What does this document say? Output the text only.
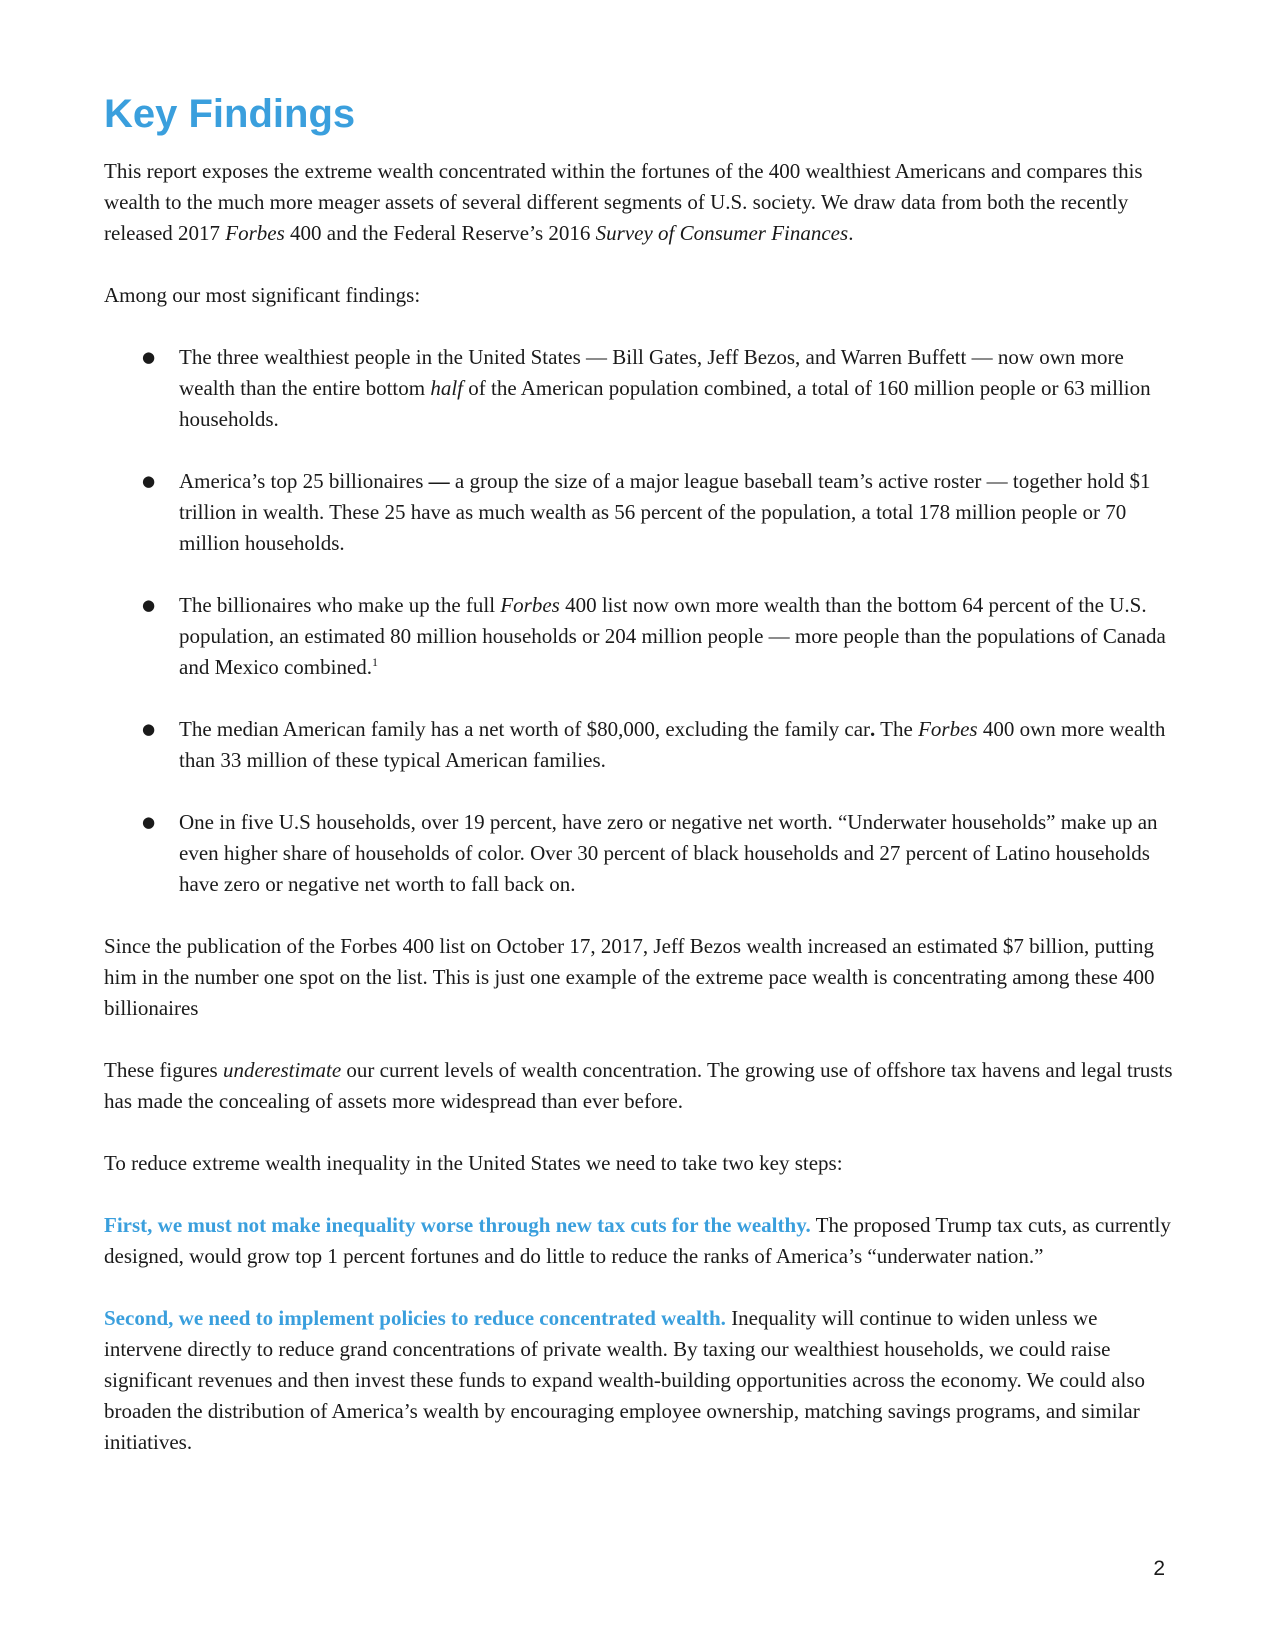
Key Findings

This report exposes the extreme wealth concentrated within the fortunes of the 400 wealthiest Americans and compares this wealth to the much more meager assets of several different segments of U.S. society. We draw data from both the recently released 2017 Forbes 400 and the Federal Reserve’s 2016 Survey of Consumer Finances.

Among our most significant findings:

● The three wealthiest people in the United States — Bill Gates, Jeff Bezos, and Warren Buffett — now own more wealth than the entire bottom half of the American population combined, a total of 160 million people or 63 million households.
● America’s top 25 billionaires — a group the size of a major league baseball team’s active roster — together hold $1 trillion in wealth. These 25 have as much wealth as 56 percent of the population, a total 178 million people or 70 million households.
● The billionaires who make up the full Forbes 400 list now own more wealth than the bottom 64 percent of the U.S. population, an estimated 80 million households or 204 million people — more people than the populations of Canada and Mexico combined.$^1$
● The median American family has a net worth of $80,000, excluding the family car. The Forbes 400 own more wealth than 33 million of these typical American families.
● One in five U.S households, over 19 percent, have zero or negative net worth. “Underwater households” make up an even higher share of households of color. Over 30 percent of black households and 27 percent of Latino households have zero or negative net worth to fall back on.

Since the publication of the Forbes 400 list on October 17, 2017, Jeff Bezos wealth increased an estimated $7 billion, putting him in the number one spot on the list. This is just one example of the extreme pace wealth is concentrating among these 400 billionaires

These figures underestimate our current levels of wealth concentration. The growing use of offshore tax havens and legal trusts has made the concealing of assets more widespread than ever before.

To reduce extreme wealth inequality in the United States we need to take two key steps:

First, we must not make inequality worse through new tax cuts for the wealthy. The proposed Trump tax cuts, as currently designed, would grow top 1 percent fortunes and do little to reduce the ranks of America’s “underwater nation.”

Second, we need to implement policies to reduce concentrated wealth. Inequality will continue to widen unless we intervene directly to reduce grand concentrations of private wealth. By taxing our wealthiest households, we could raise significant revenues and then invest these funds to expand wealth-building opportunities across the economy. We could also broaden the distribution of America’s wealth by encouraging employee ownership, matching savings programs, and similar initiatives.

2
